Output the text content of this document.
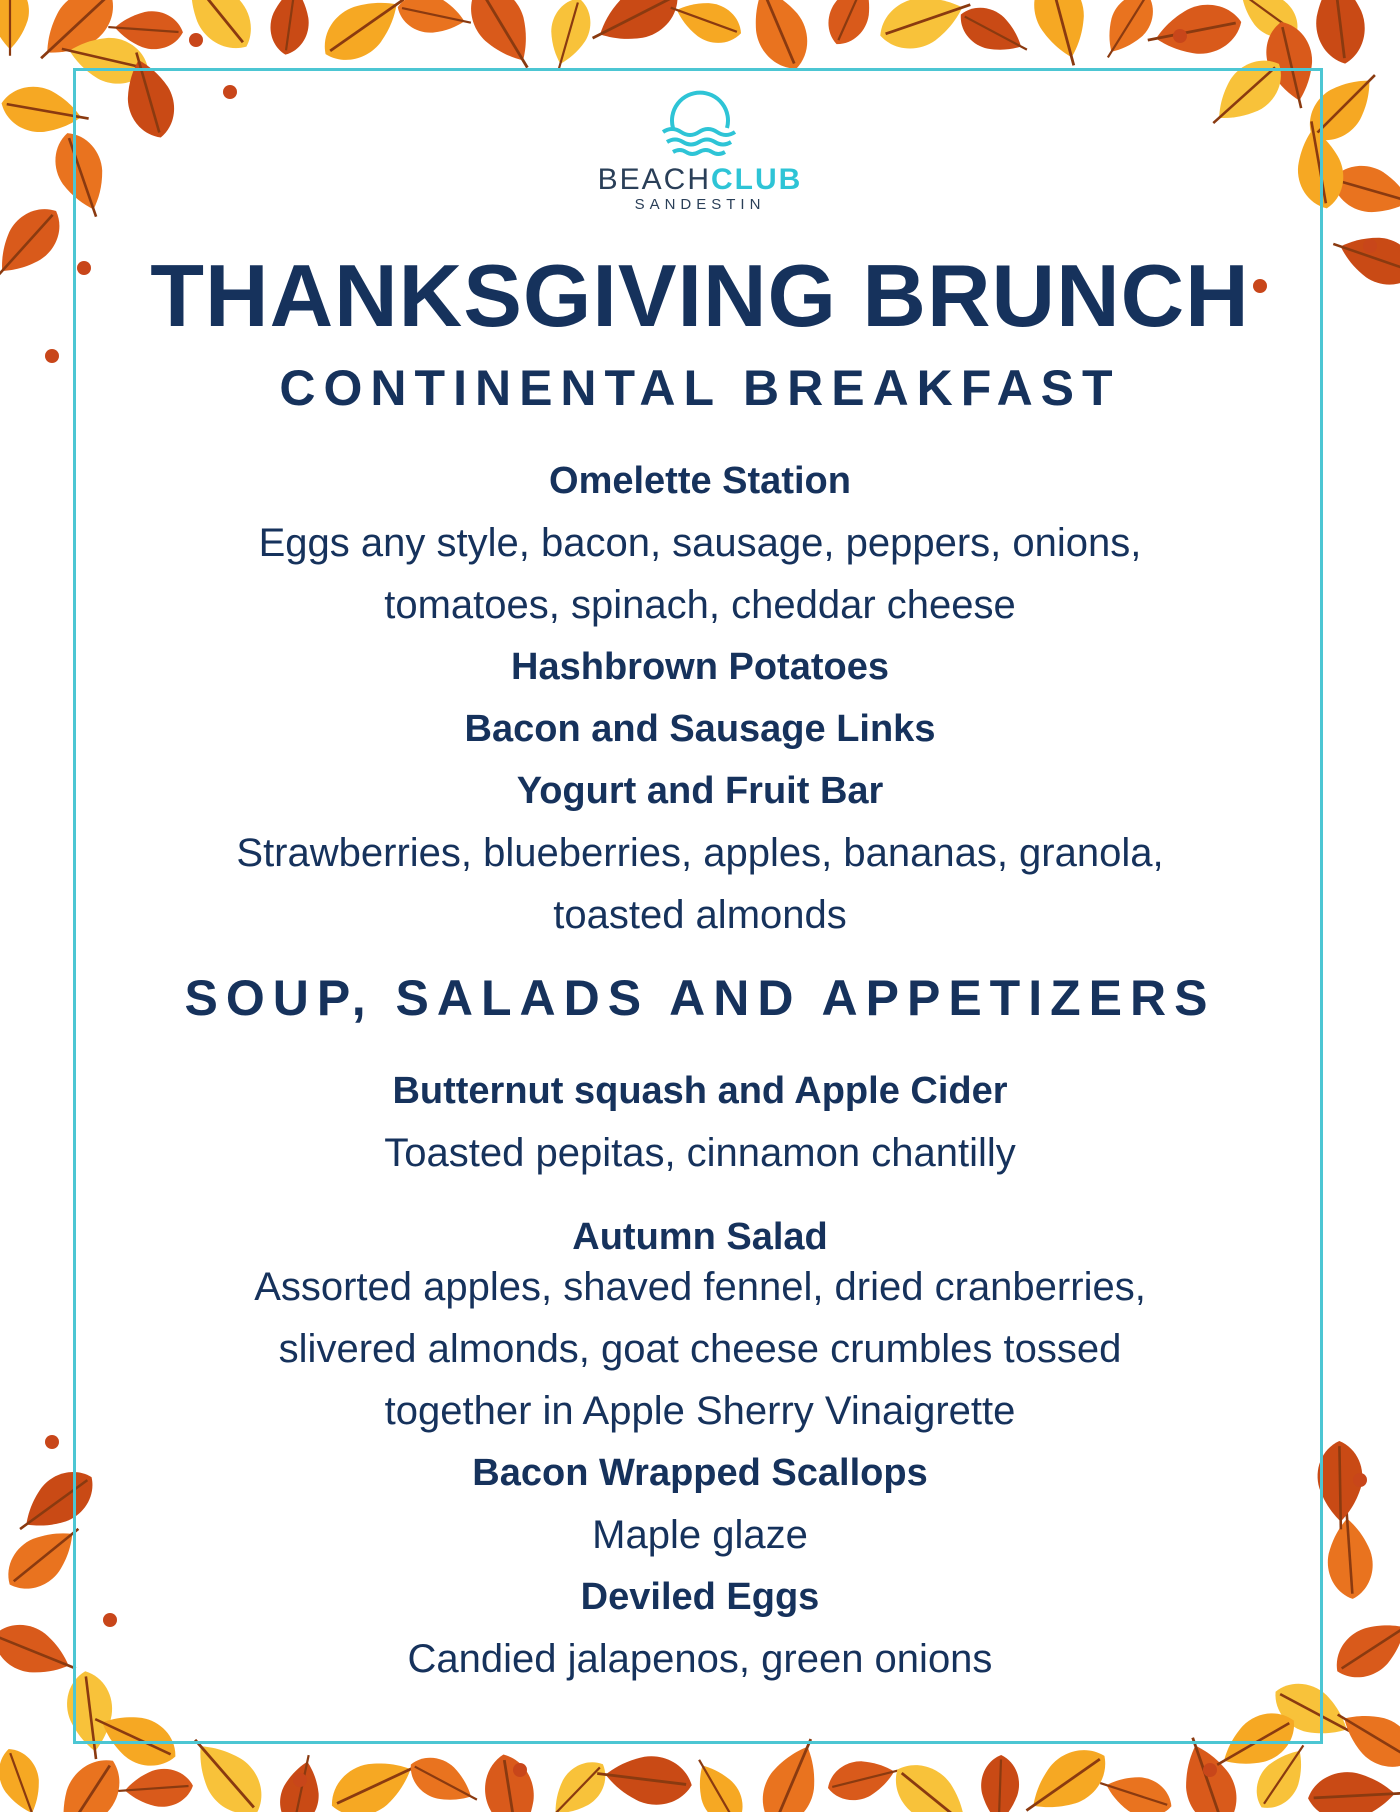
BEACHCLUB
SANDESTIN
THANKSGIVING BRUNCH
CONTINENTAL BREAKFAST
Omelette Station
Eggs any style, bacon, sausage, peppers, onions,
tomatoes, spinach, cheddar cheese
Hashbrown Potatoes
Bacon and Sausage Links
Yogurt and Fruit Bar
Strawberries, blueberries, apples, bananas, granola,
toasted almonds
SOUP, SALADS AND APPETIZERS
Butternut squash and Apple Cider
Toasted pepitas, cinnamon chantilly
Autumn Salad
Assorted apples, shaved fennel, dried cranberries,
slivered almonds, goat cheese crumbles tossed
together in Apple Sherry Vinaigrette
Bacon Wrapped Scallops
Maple glaze
Deviled Eggs
Candied jalapenos, green onions
